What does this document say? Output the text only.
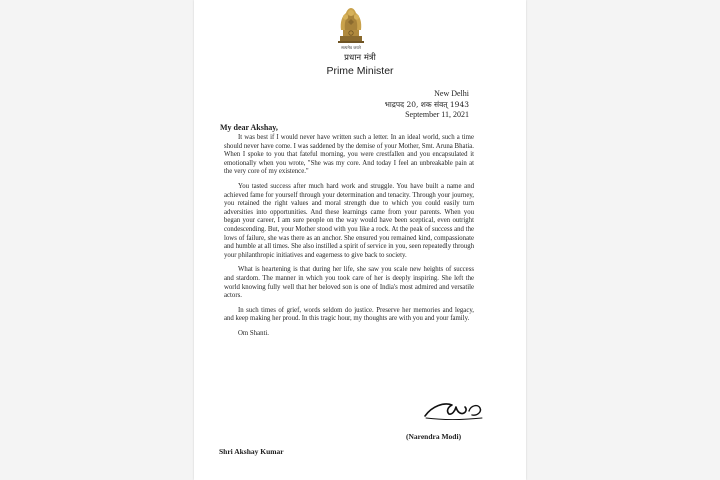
सत्यमेव जयते
प्रधान मंत्री
Prime Minister
New Delhi
भाद्रपद 20, शक संवत् 1943
September 11, 2021
My dear Akshay,

It was best if I would never have written such a letter. In an ideal world, such a time should never have come. I was saddened by the demise of your Mother, Smt. Aruna Bhatia. When I spoke to you that fateful morning, you were crestfallen and you encapsulated it emotionally when you wrote, "She was my core. And today I feel an unbreakable pain at the very core of my existence."

You tasted success after much hard work and struggle. You have built a name and achieved fame for yourself through your determination and tenacity. Through your journey, you retained the right values and moral strength due to which you could easily turn adversities into opportunities. And these learnings came from your parents. When you began your career, I am sure people on the way would have been sceptical, even outright condescending. But, your Mother stood with you like a rock. At the peak of success and the lows of failure, she was there as an anchor. She ensured you remained kind, compassionate and humble at all times. She also instilled a spirit of service in you, seen repeatedly through your philanthropic initiatives and eagerness to give back to society.

What is heartening is that during her life, she saw you scale new heights of success and stardom. The manner in which you took care of her is deeply inspiring. She left the world knowing fully well that her beloved son is one of India's most admired and versatile actors.

In such times of grief, words seldom do justice. Preserve her memories and legacy, and keep making her proud. In this tragic hour, my thoughts are with you and your family.

Om Shanti.

(Narendra Modi)
Shri Akshay Kumar
